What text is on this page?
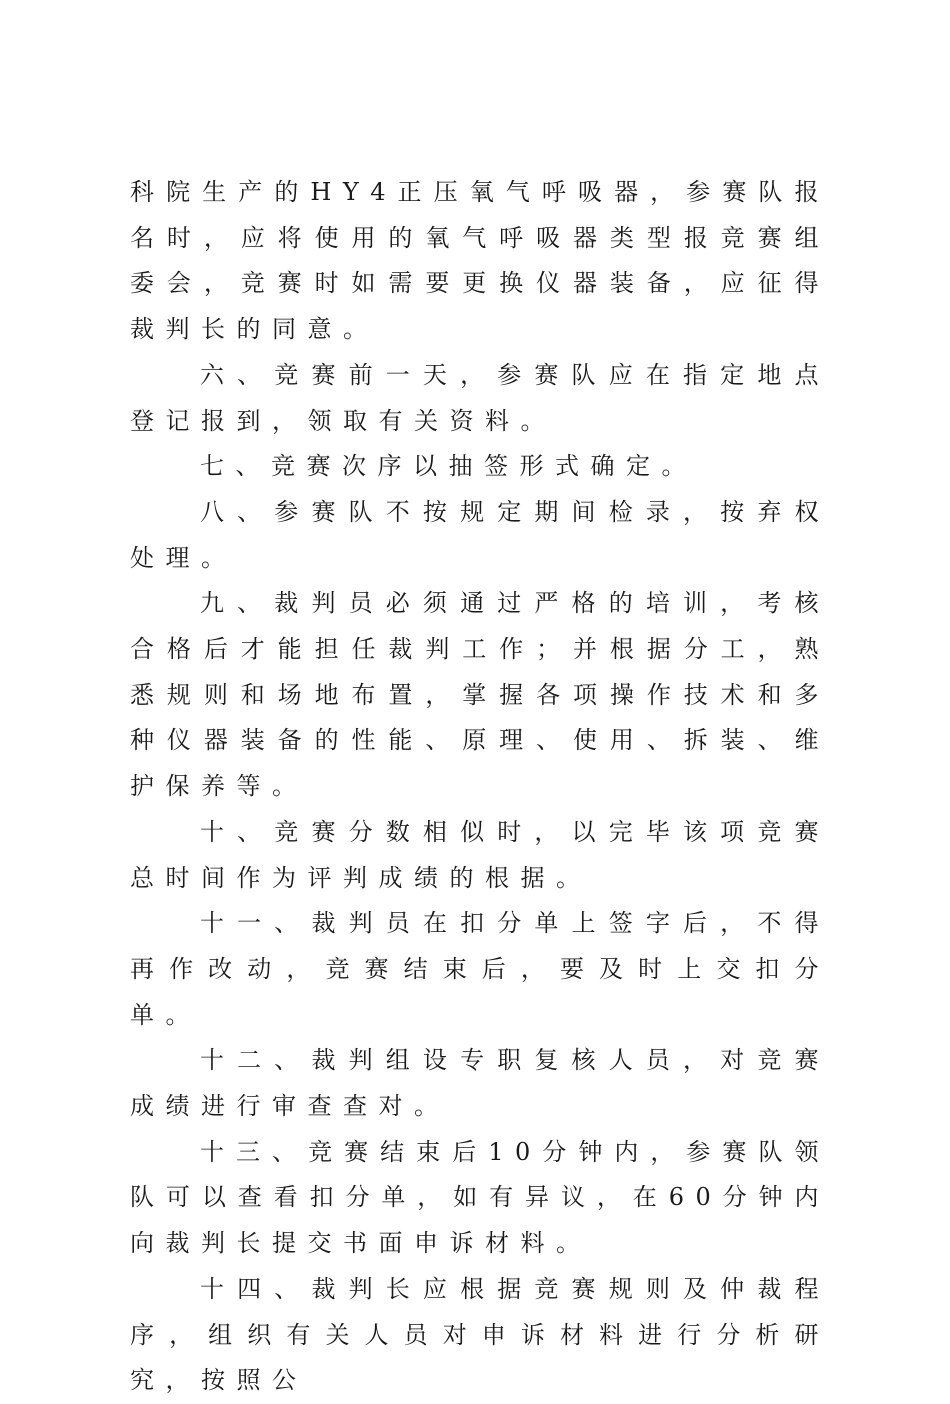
科院生产的HY4正压氧气呼吸器，参赛队报名时，应将使用的氧气呼吸器类型报竞赛组委会，竞赛时如需要更换仪器装备，应征得裁判长的同意。

六、竞赛前一天，参赛队应在指定地点登记报到，领取有关资料。

七、竞赛次序以抽签形式确定。

八、参赛队不按规定期间检录，按弃权处理。

九、裁判员必须通过严格的培训，考核合格后才能担任裁判工作；并根据分工，熟悉规则和场地布置，掌握各项操作技术和多种仪器装备的性能、原理、使用、拆装、维护保养等。

十、竞赛分数相似时，以完毕该项竞赛总时间作为评判成绩的根据。

十一、裁判员在扣分单上签字后，不得再作改动，竞赛结束后，要及时上交扣分单。

十二、裁判组设专职复核人员，对竞赛成绩进行审查查对。

十三、竞赛结束后10分钟内，参赛队领队可以查看扣分单，如有异议，在60分钟内向裁判长提交书面申诉材料。

十四、裁判长应根据竞赛规则及仲裁程序，组织有关人员对申诉材料进行分析研究，按照公
